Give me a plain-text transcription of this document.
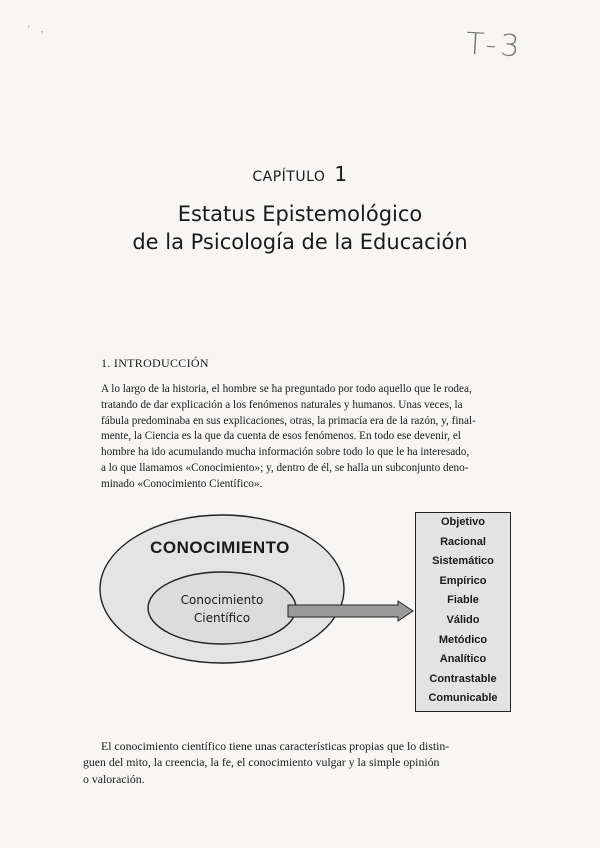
'     ,	T-3
CAPÍTULO 1
Estatus Epistemológico
de la Psicología de la Educación
1. INTRODUCCIÓN
A lo largo de la historia, el hombre se ha preguntado por todo aquello que le rodea,
tratando de dar explicación a los fenómenos naturales y humanos. Unas veces, la
fábula predominaba en sus explicaciones, otras, la primacía era de la razón, y, final-
mente, la Ciencia es la que da cuenta de esos fenómenos. En todo ese devenir, el
hombre ha ido acumulando mucha información sobre todo lo que le ha interesado,
a lo que llamamos «Conocimiento»; y, dentro de él, se halla un subconjunto deno-
minado «Conocimiento Científico».
CONOCIMIENTO
Conocimiento
Científico
Objetivo
Racional
Sistemático
Empírico
Fiable
Válido
Metódico
Analítico
Contrastable
Comunicable
El conocimiento científico tiene unas características propias que lo distin-
guen del mito, la creencia, la fe, el conocimiento vulgar y la simple opinión
o valoración.
